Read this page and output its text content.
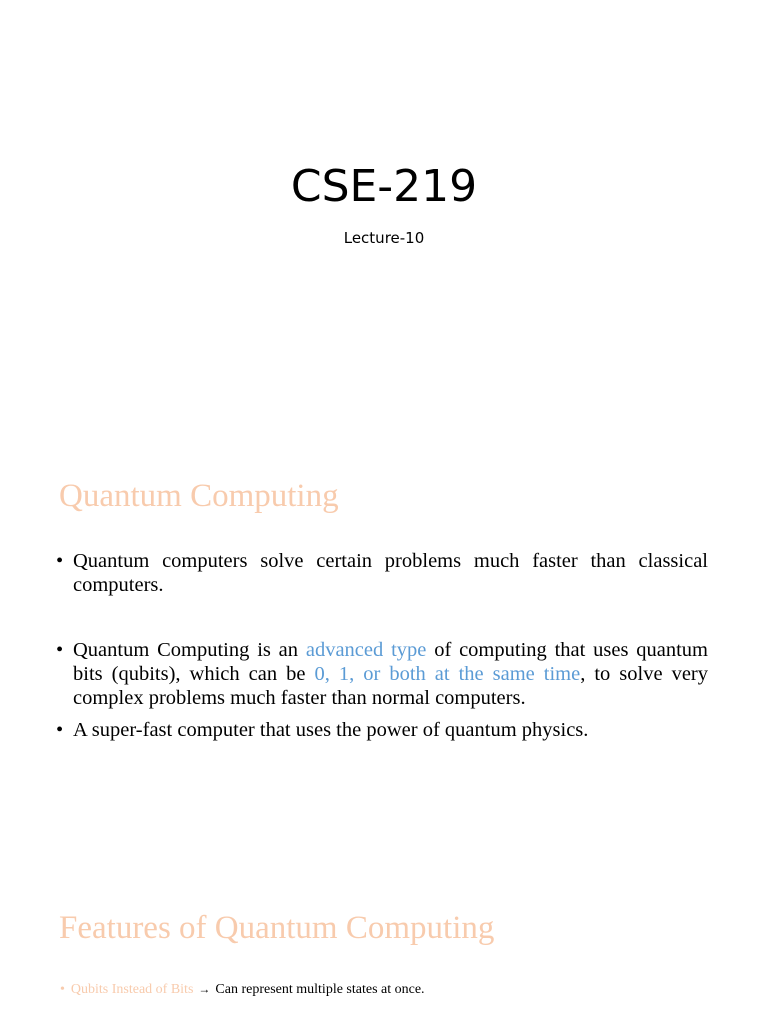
CSE-219
Lecture-10
Quantum Computing
• Quantum computers solve certain problems much faster than classical computers.
• Quantum Computing is an advanced type of computing that uses quantum bits (qubits), which can be 0, 1, or both at the same time, to solve very complex problems much faster than normal computers.
• A super-fast computer that uses the power of quantum physics.
Features of Quantum Computing
• Qubits Instead of Bits → Can represent multiple states at once.
